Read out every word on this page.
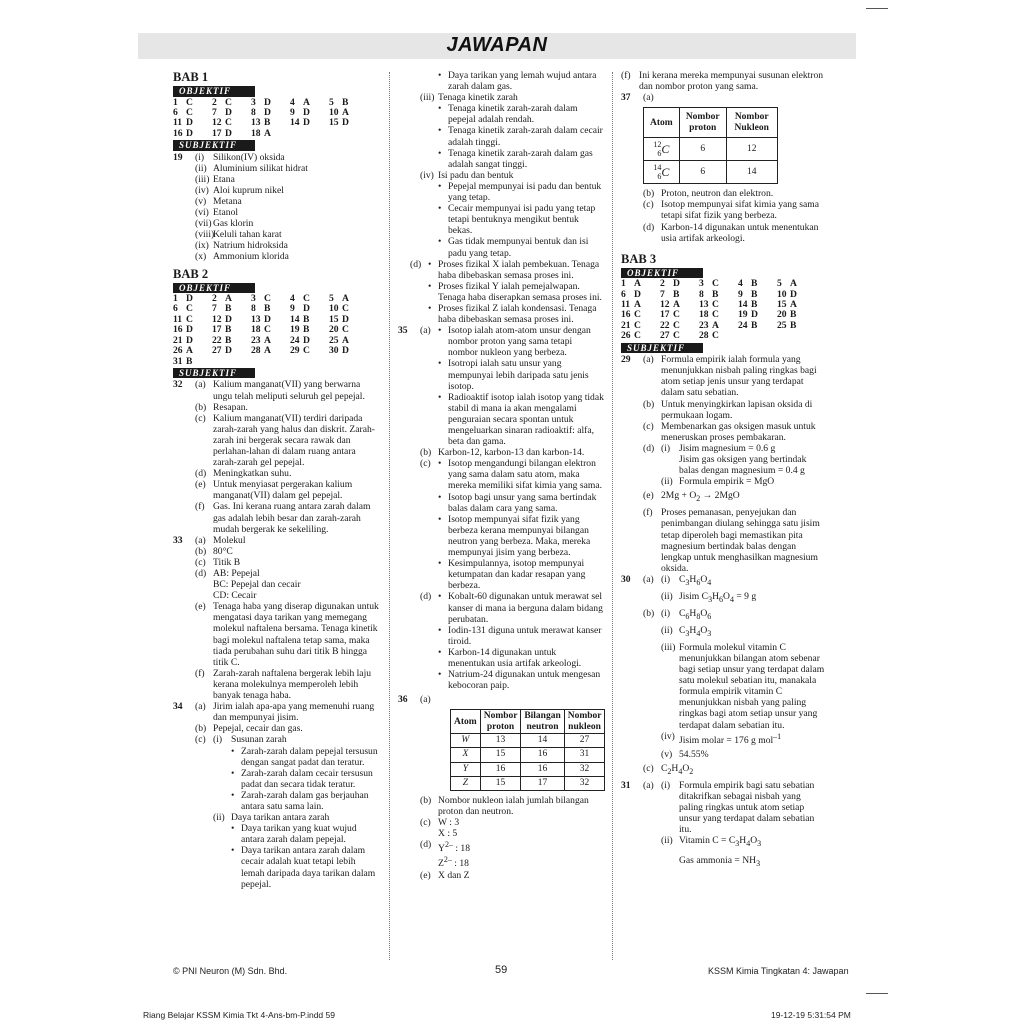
JAWAPAN
BAB 1
OBJEKTIF
1	C	2	C	3	D	4	A	5	B
6	C	7	D	8	D	9	D	10	A
11	D	12	C	13	B	14	D	15	D
16	D	17	D	18	A				
SUBJEKTIF
19 (i) Silikon(IV) oksida
(ii) Aluminium silikat hidrat
(iii) Etana
(iv) Aloi kuprum nikel
(v) Metana
(vi) Etanol
(vii) Gas klorin
(viii)
Keluli tahan karat
(ix) Natrium hidroksida
(x) Ammonium klorida
BAB 2
OBJEKTIF
1	D	2	A	3	C	4	C	5	A
6	C	7	B	8	B	9	D	10	C
11	C	12	D	13	D	14	B	15	D
16	D	17	B	18	C	19	B	20	C
21	D	22	B	23	A	24	D	25	A
26	A	27	D	28	A	29	C	30	D
31	B								
SUBJEKTIF
32 (a) Kalium manganat(VII) yang berwarna ungu telah meliputi seluruh gel pepejal.
(b) Resapan.
(c) Kalium manganat(VII) terdiri daripada zarah-zarah yang halus dan diskrit. Zarah-zarah ini bergerak secara rawak dan perlahan-lahan di dalam ruang antara zarah-zarah gel pepejal.
(d) Meningkatkan suhu.
(e) Untuk menyiasat pergerakan kalium manganat(VII) dalam gel pepejal.
(f) Gas. Ini kerana ruang antara zarah dalam gas adalah lebih besar dan zarah-zarah mudah bergerak ke sekeliling.
33 (a) Molekul
(b) 80°C
(c) Titik B
(d) AB: Pepejal
BC: Pepejal dan cecair
CD: Cecair
(e) Tenaga haba yang diserap digunakan untuk mengatasi daya tarikan yang memegang molekul naftalena bersama. Tenaga kinetik bagi molekul naftalena tetap sama, maka tiada perubahan suhu dari titik B hingga titik C.
(f) Zarah-zarah naftalena bergerak lebih laju kerana molekulnya memperoleh lebih banyak tenaga haba.
34 (a) Jirim ialah apa-apa yang memenuhi ruang dan mempunyai jisim.
(b) Pepejal, cecair dan gas.
(c) (i) Susunan zarah
• Zarah-zarah dalam pepejal tersusun dengan sangat padat dan teratur.
• Zarah-zarah dalam cecair tersusun padat dan secara tidak teratur.
• Zarah-zarah dalam gas berjauhan antara satu sama lain.
(ii) Daya tarikan antara zarah
• Daya tarikan yang kuat wujud antara zarah dalam pepejal.
• Daya tarikan antara zarah dalam cecair adalah kuat tetapi lebih lemah daripada daya tarikan dalam pepejal.
• Daya tarikan yang lemah wujud antara zarah dalam gas.
(iii) Tenaga kinetik zarah
• Tenaga kinetik zarah-zarah dalam pepejal adalah rendah.
• Tenaga kinetik zarah-zarah dalam cecair adalah tinggi.
• Tenaga kinetik zarah-zarah dalam gas adalah sangat tinggi.
(iv) Isi padu dan bentuk
• Pepejal mempunyai isi padu dan bentuk yang tetap.
• Cecair mempunyai isi padu yang tetap tetapi bentuknya mengikut bentuk bekas.
• Gas tidak mempunyai bentuk dan isi padu yang tetap.
(d)	• Proses fizikal X ialah pembekuan. Tenaga haba dibebaskan semasa proses ini.
• Proses fizikal Y ialah pemejalwapan. Tenaga haba diserapkan semasa proses ini.
• Proses fizikal Z ialah kondensasi. Tenaga haba dibebaskan semasa proses ini.
35 (a)	• Isotop ialah atom-atom unsur dengan nombor proton yang sama tetapi nombor nukleon yang berbeza.
• Isotropi ialah satu unsur yang mempunyai lebih daripada satu jenis isotop.
• Radioaktif isotop ialah isotop yang tidak stabil di mana ia akan mengalami penguraian secara spontan untuk mengeluarkan sinaran radioaktif: alfa, beta dan gama.
(b) Karbon-12, karbon-13 dan karbon-14.
(c)	• Isotop mengandungi bilangan elektron yang sama dalam satu atom, maka mereka memiliki sifat kimia yang sama.
• Isotop bagi unsur yang sama bertindak balas dalam cara yang sama.
• Isotop mempunyai sifat fizik yang berbeza kerana mempunyai bilangan neutron yang berbeza. Maka, mereka mempunyai jisim yang berbeza.
• Kesimpulannya, isotop mempunyai ketumpatan dan kadar resapan yang berbeza.
(d)	• Kobalt-60 digunakan untuk merawat sel kanser di mana ia berguna dalam bidang perubatan.
• Iodin-131 diguna untuk merawat kanser tiroid.
• Karbon-14 digunakan untuk menentukan usia artifak arkeologi.
• Natrium-24 digunakan untuk mengesan kebocoran paip.
36 (a)

Atom	Nombor proton	Bilangan neutron	Nombor nukleon
W	13	14	27
X	15	16	31
Y	16	16	32
Z	15	17	32
(b) Nombor nukleon ialah jumlah bilangan proton dan neutron.
(c) W : 3
X : 5
(d) $Y^{2-}$ : 18
$Z^{2-}$ : 18
(e) X dan Z
(f) Ini kerana mereka mempunyai susunan elektron dan nombor proton yang sama.
37 (a)

Atom	Nombor proton	Nombor Nukleon

12
6 C	6	12

14
6 C	6	14
(b) Proton, neutron dan elektron.
(c) Isotop mempunyai sifat kimia yang sama tetapi sifat fizik yang berbeza.
(d) Karbon-14 digunakan untuk menentukan usia artifak arkeologi.
BAB 3
OBJEKTIF
1	A	2	D	3	C	4	B	5	A
6	D	7	B	8	B	9	B	10	D
11	A	12	A	13	C	14	B	15	A
16	C	17	C	18	C	19	D	20	B
21	C	22	C	23	A	24	B	25	B
26	C	27	C	28	C				
SUBJEKTIF
29 (a) Formula empirik ialah formula yang menunjukkan nisbah paling ringkas bagi atom setiap jenis unsur yang terdapat dalam satu sebatian.
(b) Untuk menyingkirkan lapisan oksida di permukaan logam.
(c) Membenarkan gas oksigen masuk untuk meneruskan proses pembakaran.
(d) (i) Jisim magnesium = 0.6 g
Jisim gas oksigen yang bertindak balas dengan magnesium = 0.4 g
(ii) Formula empirik = MgO
(e) $2Mg + O_2 \to 2MgO$
(f) Proses pemanasan, penyejukan dan penimbangan diulang sehingga satu jisim tetap diperoleh bagi memastikan pita magnesium bertindak balas dengan lengkap untuk menghasilkan magnesium oksida.
30 (a) (i) $C_3H_6O_4$
(ii) Jisim $C_3H_6O_4 = 9$ g
(b) (i) $C_6H_8O_6$
(ii) $C_3H_4O_3$
(iii) Formula molekul vitamin C menunjukkan bilangan atom sebenar bagi setiap unsur yang terdapat dalam satu molekul sebatian itu, manakala formula empirik vitamin C menunjukkan nisbah yang paling ringkas bagi atom setiap unsur yang terdapat dalam sebatian itu.
(iv) Jisim molar = 176 g mol$^{-1}$
(v) 54.55%
(c) $C_2H_4O_2$
31 (a) (i) Formula empirik bagi satu sebatian ditakrifkan sebagai nisbah yang paling ringkas untuk atom setiap unsur yang terdapat dalam sebatian itu.
(ii) Vitamin $C = C_3H_4O_3$
Gas ammonia = $NH_3$
© PNI Neuron (M) Sdn. Bhd.	59	KSSM Kimia Tingkatan 4: Jawapan
Riang Belajar KSSM Kimia Tkt 4-Ans-bm-P.indd 59	19-12-19 5:31:54 PM
